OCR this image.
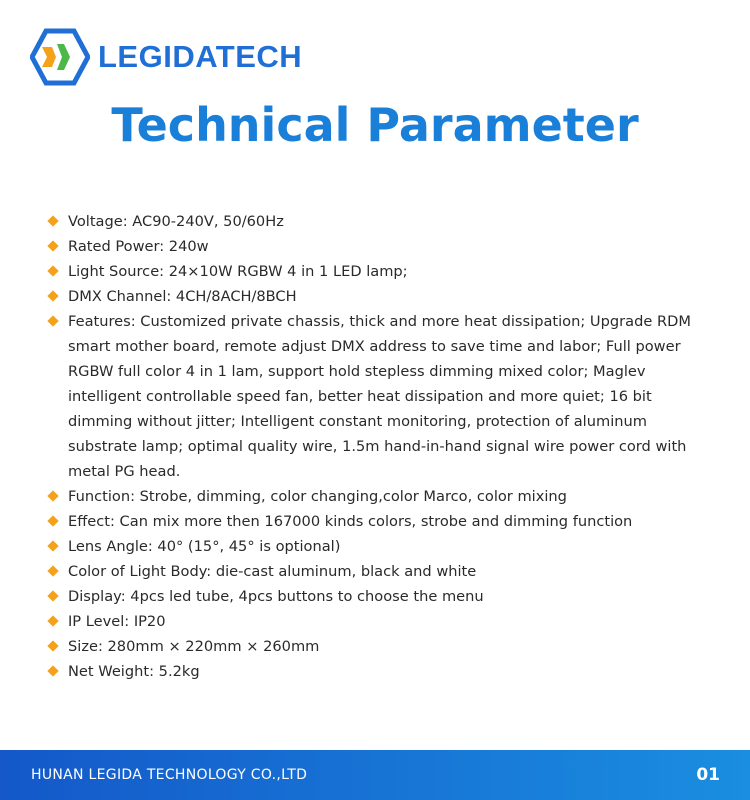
LEGIDATECH
Technical Parameter
Voltage: AC90-240V, 50/60Hz
Rated Power: 240w
Light Source: 24×10W RGBW 4 in 1 LED lamp;
DMX Channel: 4CH/8ACH/8BCH
Features: Customized private chassis, thick and more heat dissipation; Upgrade RDM smart mother board, remote adjust DMX address to save time and labor; Full power RGBW full color 4 in 1 lam, support hold stepless dimming mixed color; Maglev intelligent controllable speed fan, better heat dissipation and more quiet; 16 bit dimming without jitter; Intelligent constant monitoring, protection of aluminum substrate lamp; optimal quality wire, 1.5m hand-in-hand signal wire power cord with metal PG head.
Function: Strobe, dimming, color changing,color Marco, color mixing
Effect: Can mix more then 167000 kinds colors, strobe and dimming function
Lens Angle: 40° (15°, 45° is optional)
Color of Light Body: die-cast aluminum, black and white
Display: 4pcs led tube, 4pcs buttons to choose the menu
IP Level: IP20
Size: 280mm × 220mm × 260mm
Net Weight: 5.2kg
HUNAN LEGIDA TECHNOLOGY CO.,LTD	01
